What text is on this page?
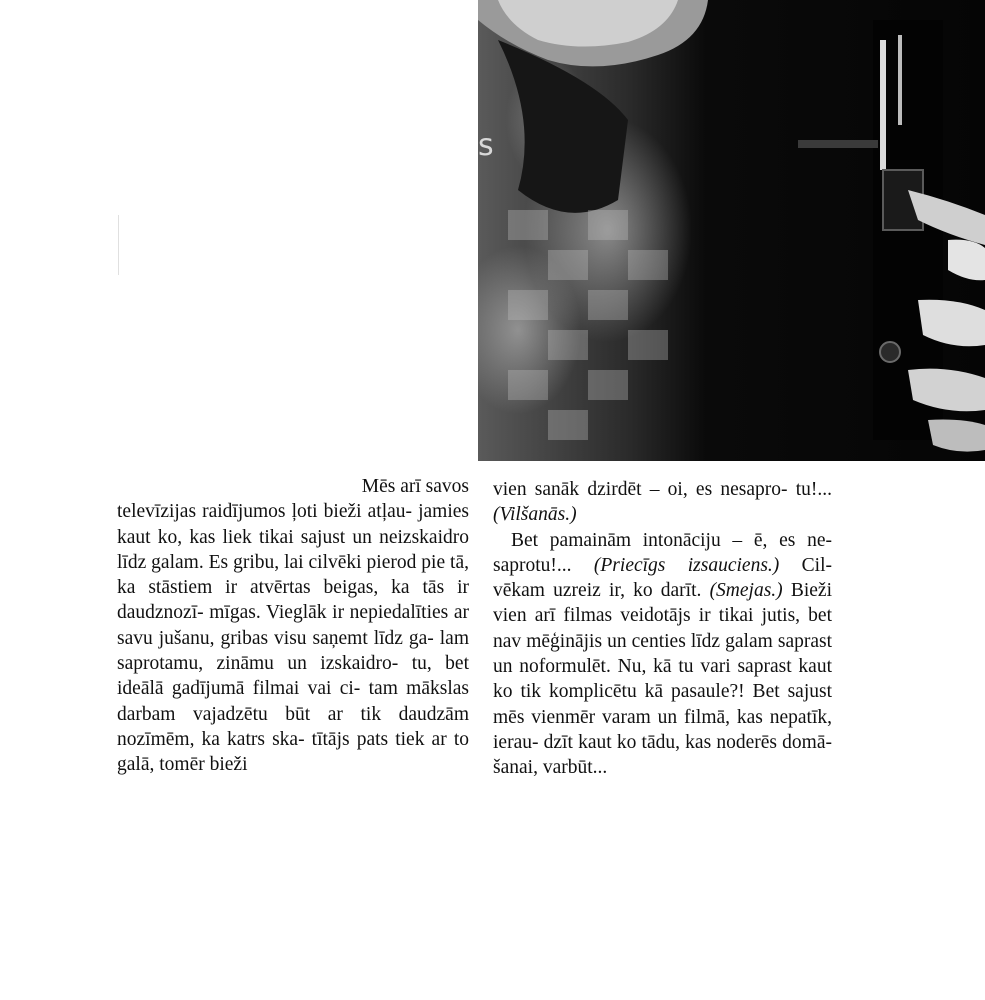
s

Mēs arī savos
televīzijas raidījumos ļoti bieži atļau- jamies kaut ko, kas liek tikai sajust un neizskaidro līdz galam. Es gribu, lai cilvēki pierod pie tā, ka stāstiem ir atvērtas beigas, ka tās ir daudznozī- mīgas. Vieglāk ir nepiedalīties ar savu jušanu, gribas visu saņemt līdz ga- lam saprotamu, zināmu un izskaidro- tu, bet ideālā gadījumā filmai vai ci- tam mākslas darbam vajadzētu būt ar tik daudzām nozīmēm, ka katrs ska- tītājs pats tiek ar to galā, tomēr bieži

vien sanāk dzirdēt – oi, es nesapro- tu!... (Vilšanās.)

Bet pamainām intonāciju – ē, es ne- saprotu!... (Priecīgs izsauciens.) Cil- vēkam uzreiz ir, ko darīt. (Smejas.) Bieži vien arī filmas veidotājs ir tikai jutis, bet nav mēģinājis un centies līdz galam saprast un noformulēt. Nu, kā tu vari saprast kaut ko tik komplicētu kā pasaule?! Bet sajust mēs vienmēr varam un filmā, kas nepatīk, ierau- dzīt kaut ko tādu, kas noderēs domā- šanai, varbūt...
